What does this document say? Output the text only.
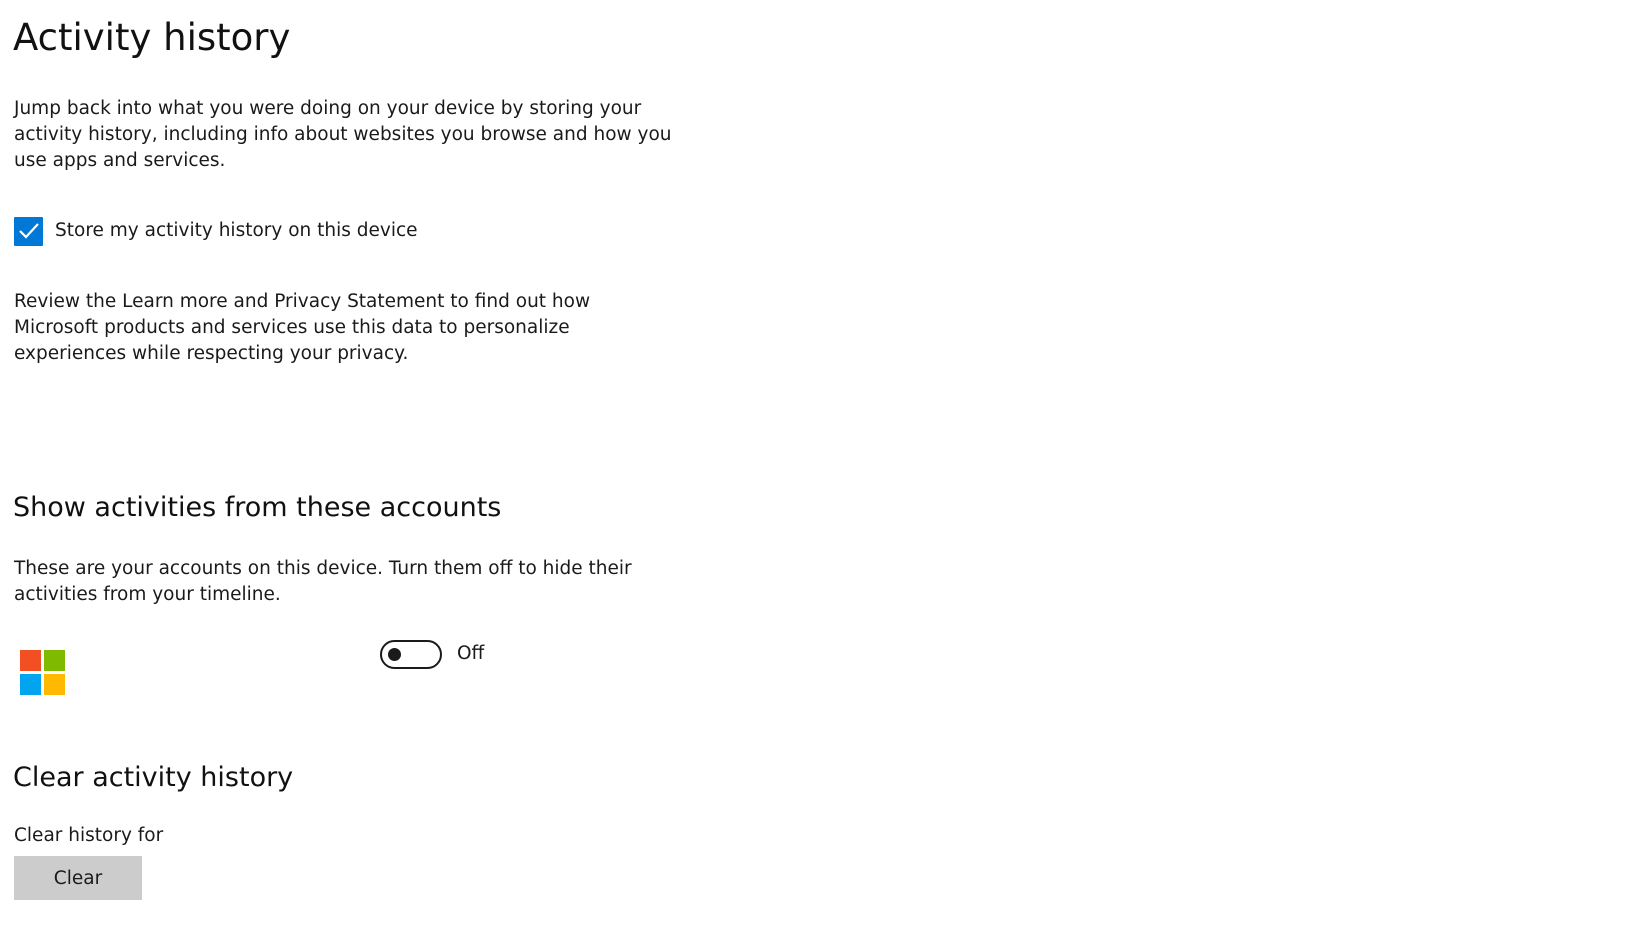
Activity history

Jump back into what you were doing on your device by storing your activity history, including info about websites you browse and how you use apps and services.

Store my activity history on this device

Review the Learn more and Privacy Statement to find out how Microsoft products and services use this data to personalize experiences while respecting your privacy.

Show activities from these accounts

These are your accounts on this device. Turn them off to hide their activities from your timeline.

Off
Clear activity history

Clear history for

Clear
